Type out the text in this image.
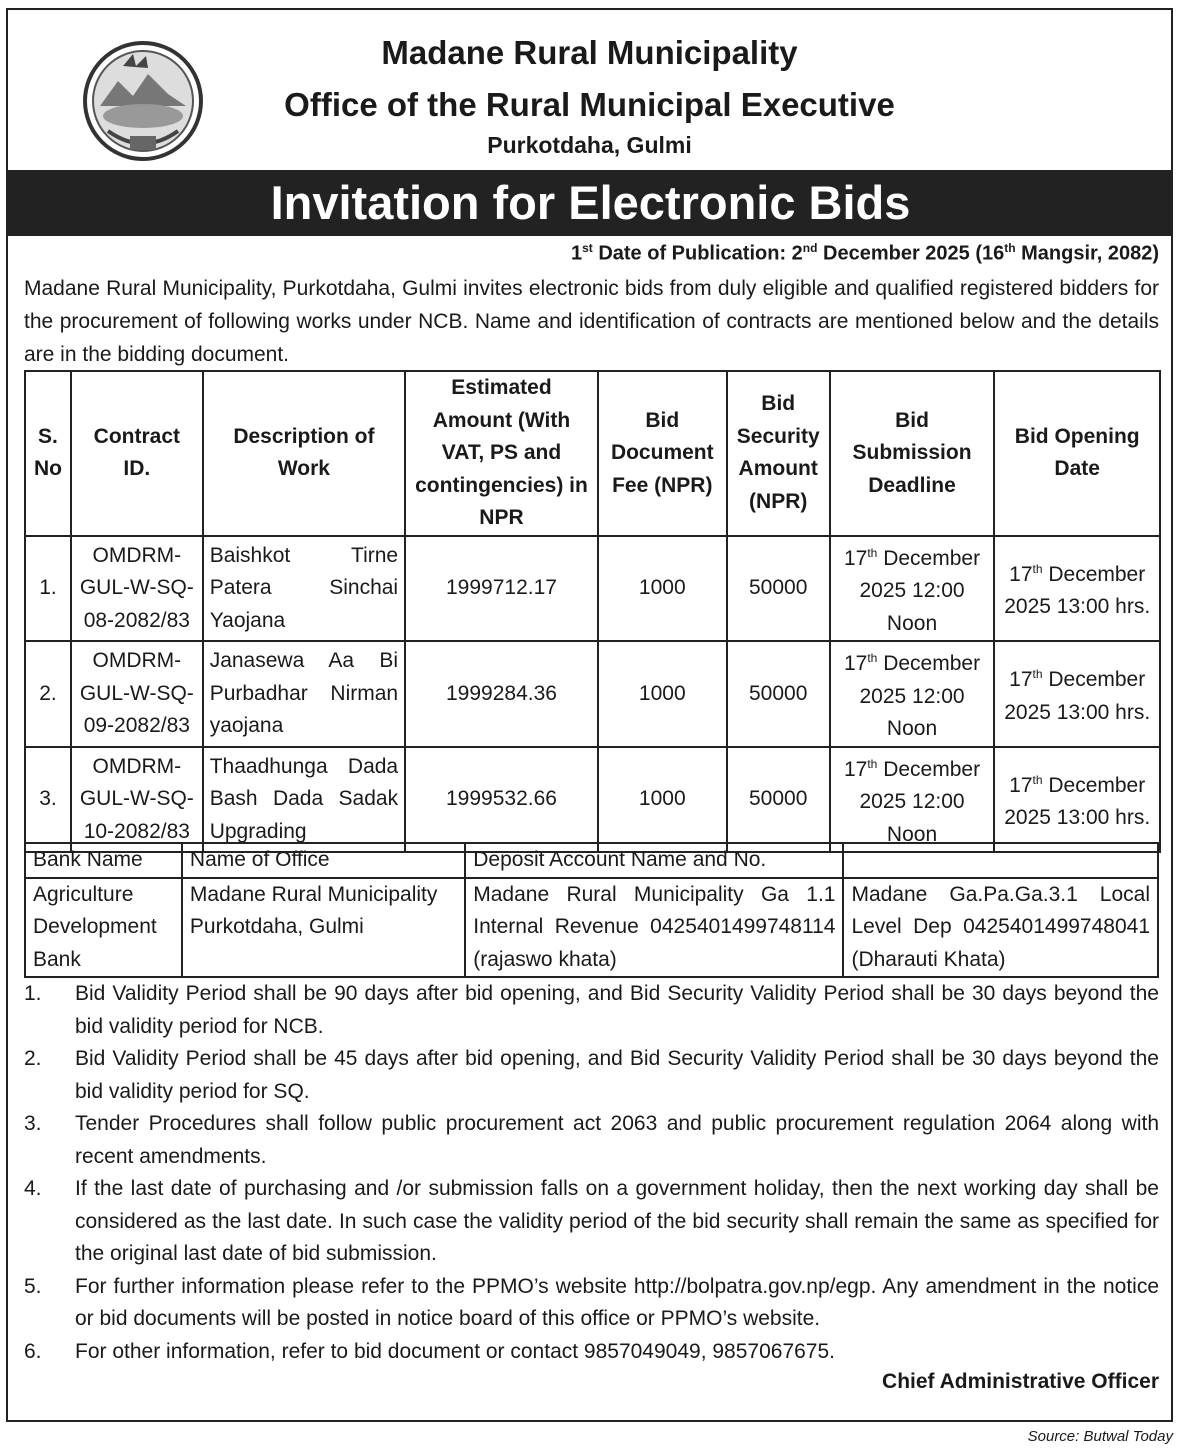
Madane Rural Municipality
Office of the Rural Municipal Executive
Purkotdaha, Gulmi
Invitation for Electronic Bids
1st Date of Publication: 2nd December 2025 (16th Mangsir, 2082)
Madane Rural Municipality, Purkotdaha, Gulmi invites electronic bids from duly eligible and qualified registered bidders for the procurement of following works under NCB. Name and identification of contracts are mentioned below and the details are in the bidding document.
S. No	Contract ID.	Description of Work	Estimated Amount (With VAT, PS and contingencies) in NPR	Bid Document Fee (NPR)	Bid Security Amount (NPR)	Bid Submission Deadline	Bid Opening Date
1.	OMDRM-GUL-W-SQ-08-2082/83	Baishkot Tirne Patera Sinchai Yaojana	1999712.17	1000	50000	17th December 2025 12:00 Noon	17th December 2025 13:00 hrs.
2.	OMDRM-GUL-W-SQ-09-2082/83	Janasewa Aa Bi Purbadhar Nirman yaojana	1999284.36	1000	50000	17th December 2025 12:00 Noon	17th December 2025 13:00 hrs.
3.	OMDRM-GUL-W-SQ-10-2082/83	Thaadhunga Dada Bash Dada Sadak Upgrading	1999532.66	1000	50000	17th December 2025 12:00 Noon	17th December 2025 13:00 hrs.
Bank Name	Name of Office	Deposit Account Name and No.	
Agriculture Development Bank	Madane Rural Municipality Purkotdaha, Gulmi	Madane Rural Municipality Ga 1.1 Internal Revenue 0425401499748114 (rajaswo khata)	Madane Ga.Pa.Ga.3.1 Local Level Dep 0425401499748041 (Dharauti Khata)
1. Bid Validity Period shall be 90 days after bid opening, and Bid Security Validity Period shall be 30 days beyond the bid validity period for NCB.
2. Bid Validity Period shall be 45 days after bid opening, and Bid Security Validity Period shall be 30 days beyond the bid validity period for SQ.
3. Tender Procedures shall follow public procurement act 2063 and public procurement regulation 2064 along with recent amendments.
4. If the last date of purchasing and /or submission falls on a government holiday, then the next working day shall be considered as the last date. In such case the validity period of the bid security shall remain the same as specified for the original last date of bid submission.
5. For further information please refer to the PPMO’s website http://bolpatra.gov.np/egp. Any amendment in the notice or bid documents will be posted in notice board of this office or PPMO’s website.
6. For other information, refer to bid document or contact 9857049049, 9857067675.
Chief Administrative Officer
Source: Butwal Today
